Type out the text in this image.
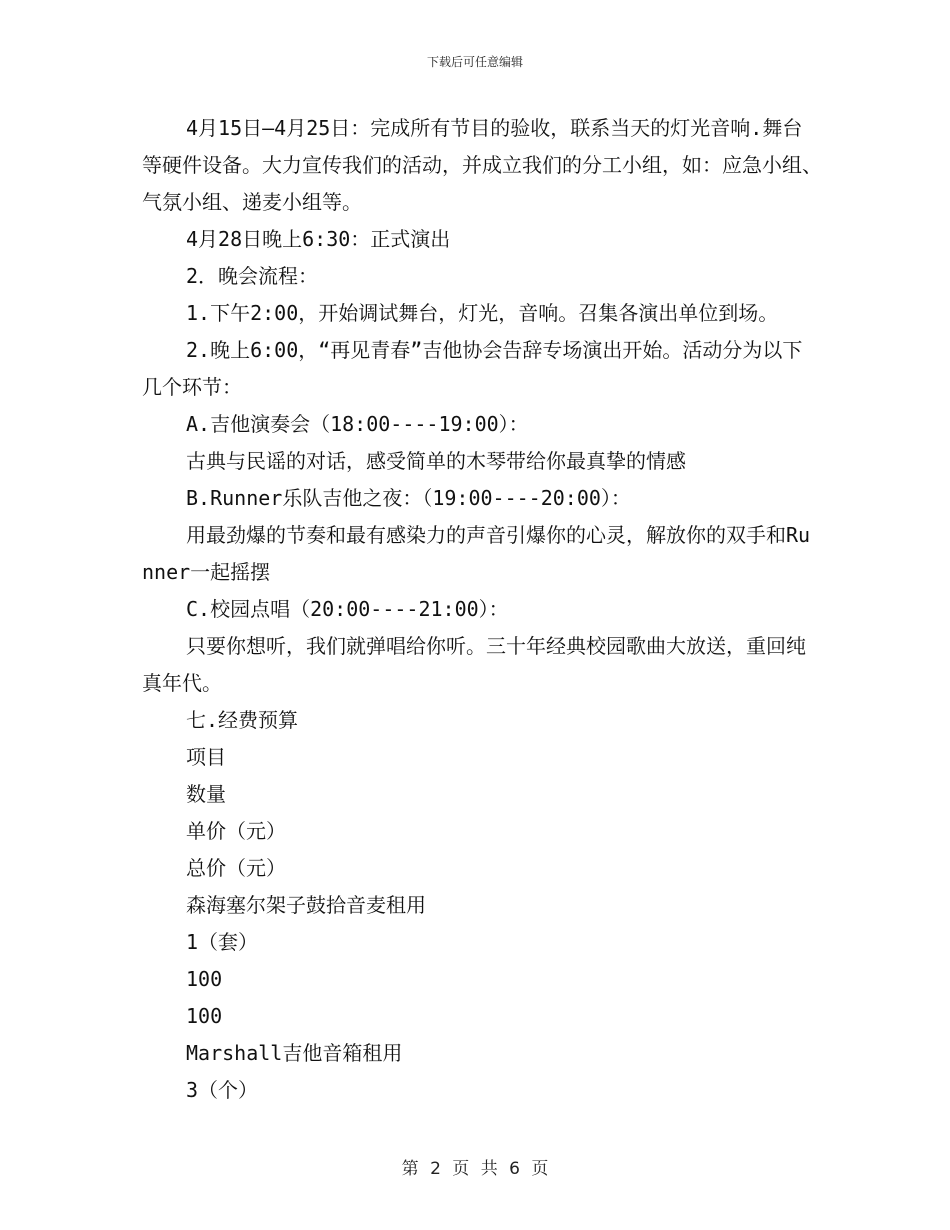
下载后可任意编辑

4月15日—4月25日：完成所有节目的验收，联系当天的灯光音响.舞台等硬件设备。大力宣传我们的活动，并成立我们的分工小组，如：应急小组、气氛小组、递麦小组等。

4月28日晚上6:30：正式演出

2．晚会流程：

1.下午2:00，开始调试舞台，灯光，音响。召集各演出单位到场。

2.晚上6:00，“再见青春”吉他协会告辞专场演出开始。活动分为以下几个环节：

A.吉他演奏会（18:00----19:00）：

古典与民谣的对话，感受简单的木琴带给你最真挚的情感

B.Runner乐队吉他之夜：（19:00----20:00）：

用最劲爆的节奏和最有感染力的声音引爆你的心灵，解放你的双手和Runner一起摇摆

C.校园点唱（20:00----21:00）：

只要你想听，我们就弹唱给你听。三十年经典校园歌曲大放送，重回纯真年代。

七.经费预算

项目

数量

单价（元）

总价（元）

森海塞尔架子鼓拾音麦租用

1（套）

100

100

Marshall吉他音箱租用

3（个）

第 2 页 共 6 页
